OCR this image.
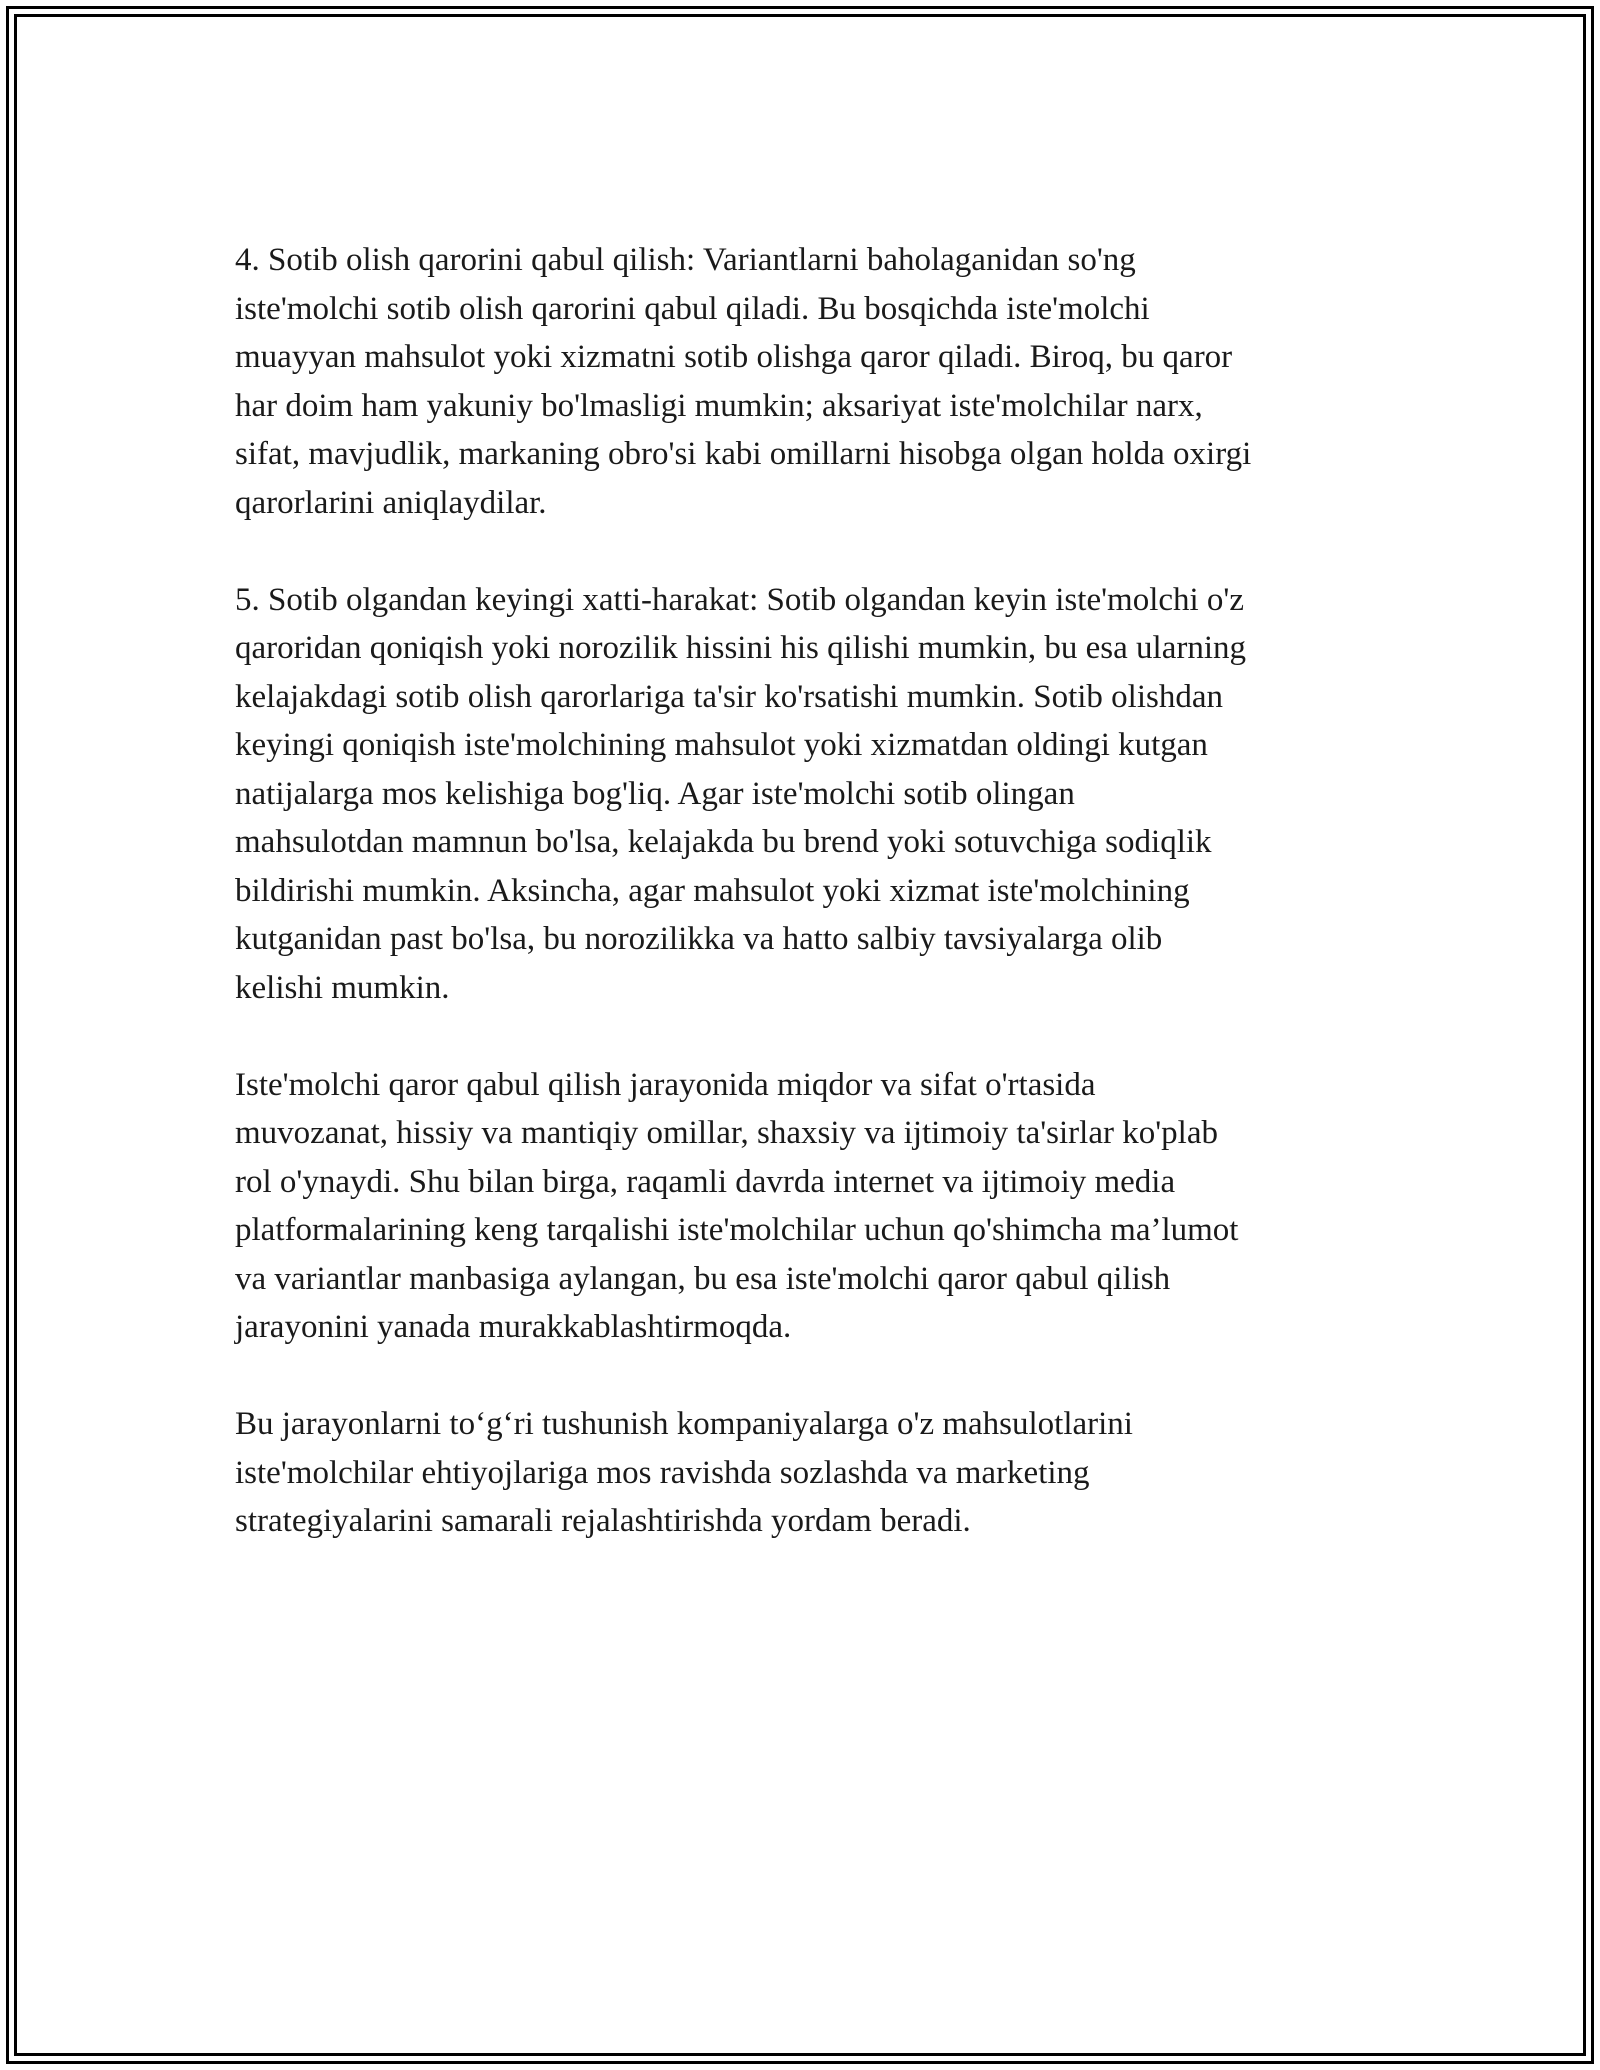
4. Sotib olish qarorini qabul qilish: Variantlarni baholaganidan so'ng
iste'molchi sotib olish qarorini qabul qiladi. Bu bosqichda iste'molchi
muayyan mahsulot yoki xizmatni sotib olishga qaror qiladi. Biroq, bu qaror
har doim ham yakuniy bo'lmasligi mumkin; aksariyat iste'molchilar narx,
sifat, mavjudlik, markaning obro'si kabi omillarni hisobga olgan holda oxirgi
qarorlarini aniqlaydilar.

5. Sotib olgandan keyingi xatti-harakat: Sotib olgandan keyin iste'molchi o'z
qaroridan qoniqish yoki norozilik hissini his qilishi mumkin, bu esa ularning
kelajakdagi sotib olish qarorlariga ta'sir ko'rsatishi mumkin. Sotib olishdan
keyingi qoniqish iste'molchining mahsulot yoki xizmatdan oldingi kutgan
natijalarga mos kelishiga bog'liq. Agar iste'molchi sotib olingan
mahsulotdan mamnun bo'lsa, kelajakda bu brend yoki sotuvchiga sodiqlik
bildirishi mumkin. Aksincha, agar mahsulot yoki xizmat iste'molchining
kutganidan past bo'lsa, bu norozilikka va hatto salbiy tavsiyalarga olib
kelishi mumkin.

Iste'molchi qaror qabul qilish jarayonida miqdor va sifat o'rtasida
muvozanat, hissiy va mantiqiy omillar, shaxsiy va ijtimoiy ta'sirlar ko'plab
rol o'ynaydi. Shu bilan birga, raqamli davrda internet va ijtimoiy media
platformalarining keng tarqalishi iste'molchilar uchun qo'shimcha ma’lumot
va variantlar manbasiga aylangan, bu esa iste'molchi qaror qabul qilish
jarayonini yanada murakkablashtirmoqda.

Bu jarayonlarni to‘g‘ri tushunish kompaniyalarga o'z mahsulotlarini
iste'molchilar ehtiyojlariga mos ravishda sozlashda va marketing
strategiyalarini samarali rejalashtirishda yordam beradi.
